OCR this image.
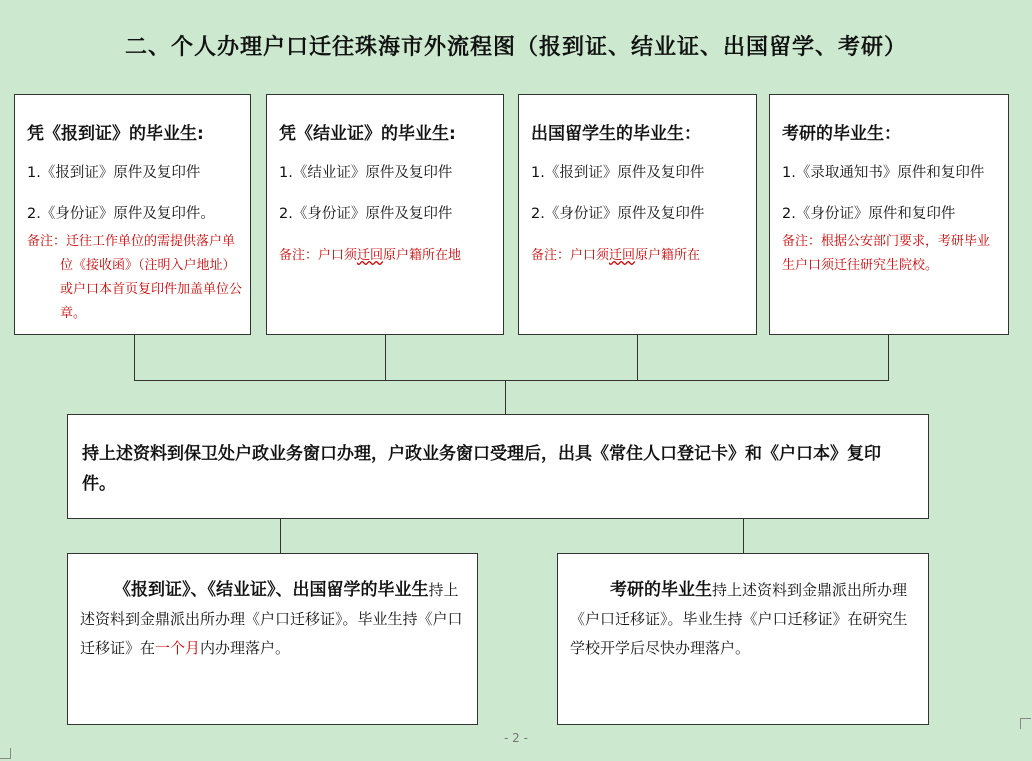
二、个人办理户口迁往珠海市外流程图（报到证、结业证、出国留学、考研）
凭《报到证》的毕业生:
1.《报到证》原件及复印件
2.《身份证》原件及复印件。
备注：迁往工作单位的需提供落户单位《接收函》（注明入户地址）或户口本首页复印件加盖单位公章。
凭《结业证》的毕业生:
1.《结业证》原件及复印件
2.《身份证》原件及复印件
备注：户口须迁回原户籍所在地
出国留学生的毕业生：
1.《报到证》原件及复印件
2.《身份证》原件及复印件
备注：户口须迁回原户籍所在
考研的毕业生：
1.《录取通知书》原件和复印件
2.《身份证》原件和复印件
备注：根据公安部门要求，考研毕业生户口须迁往研究生院校。
持上述资料到保卫处户政业务窗口办理，户政业务窗口受理后，出具《常住人口登记卡》和《户口本》复印件。
《报到证》、《结业证》、出国留学的毕业生持上述资料到金鼎派出所办理《户口迁移证》。毕业生持《户口迁移证》在一个月内办理落户。
考研的毕业生持上述资料到金鼎派出所办理《户口迁移证》。毕业生持《户口迁移证》在研究生学校开学后尽快办理落户。
- 2 -
